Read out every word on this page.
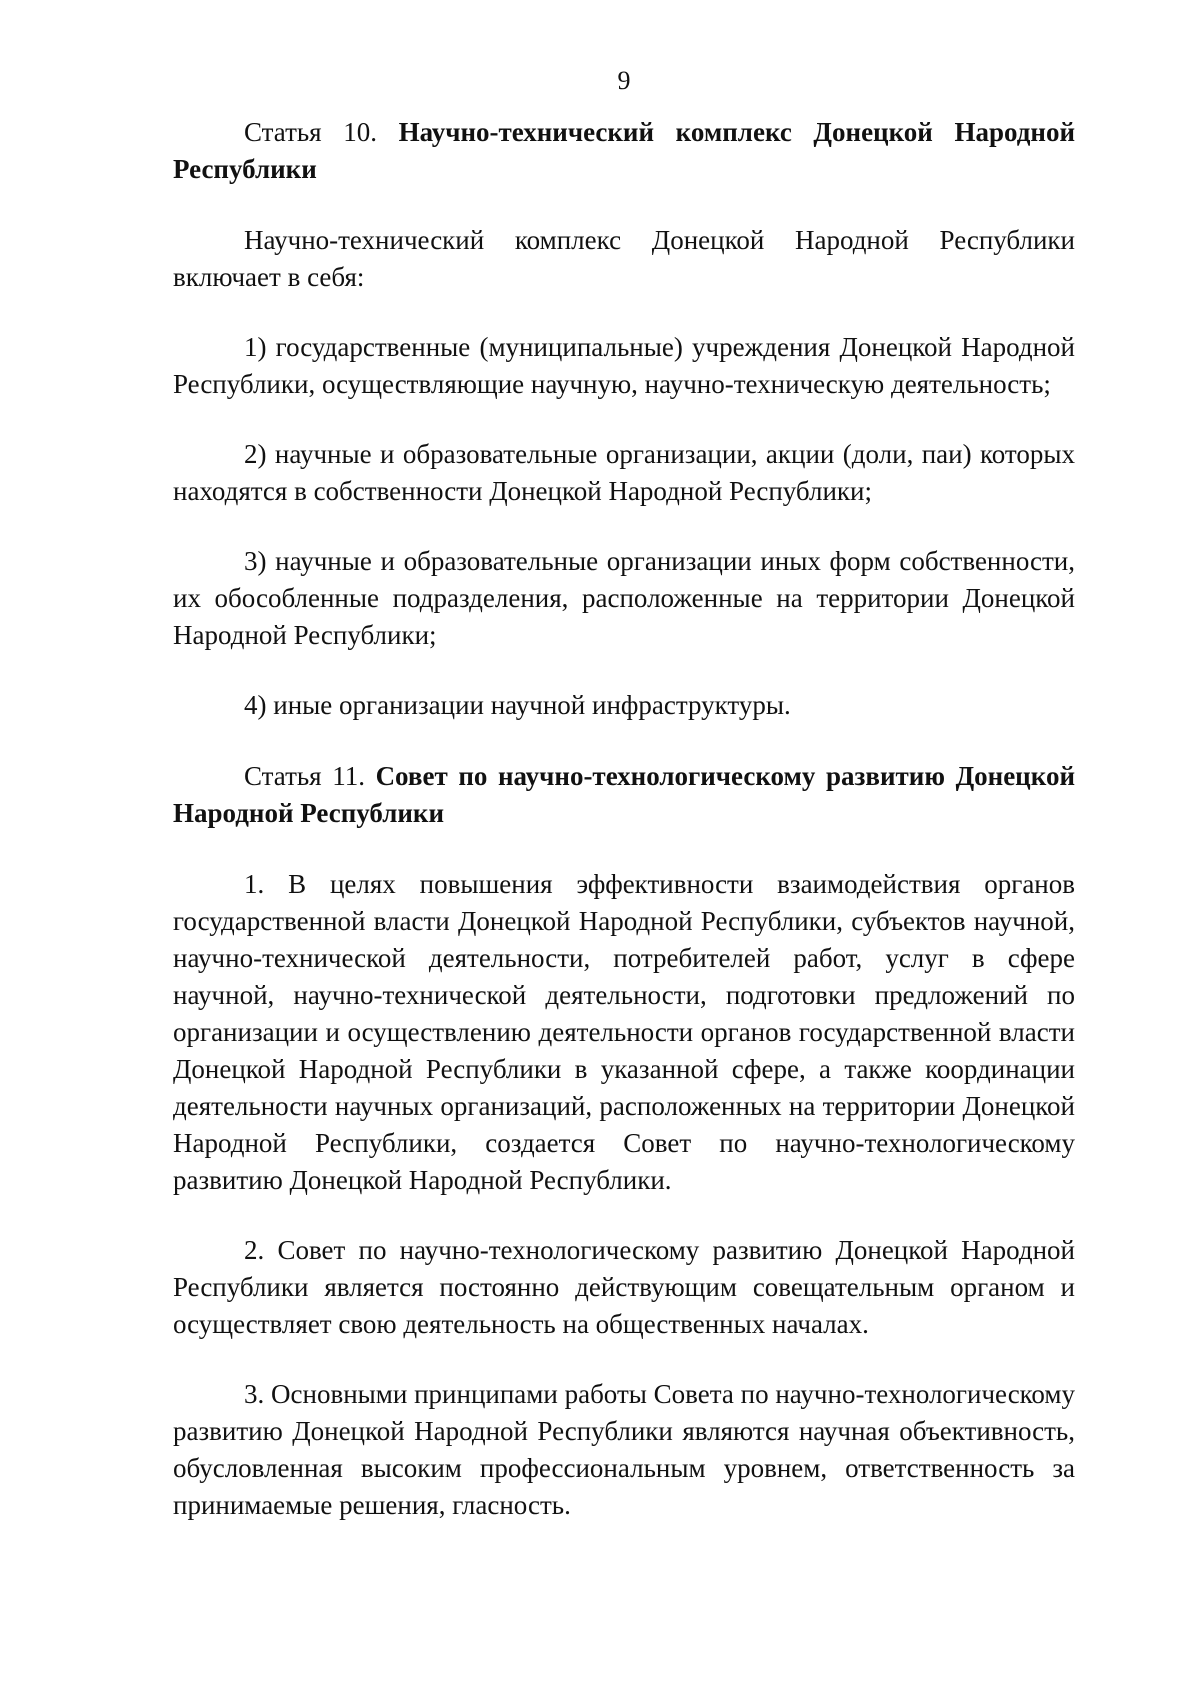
9

Статья 10. Научно-технический комплекс Донецкой Народной Республики

Научно-технический комплекс Донецкой Народной Республики включает в себя:

1) государственные (муниципальные) учреждения Донецкой Народной Республики, осуществляющие научную, научно-техническую деятельность;

2) научные и образовательные организации, акции (доли, паи) которых находятся в собственности Донецкой Народной Республики;

3) научные и образовательные организации иных форм собственности, их обособленные подразделения, расположенные на территории Донецкой Народной Республики;

4) иные организации научной инфраструктуры.

Статья 11. Совет по научно-технологическому развитию Донецкой Народной Республики

1. В целях повышения эффективности взаимодействия органов государственной власти Донецкой Народной Республики, субъектов научной, научно-технической деятельности, потребителей работ, услуг в сфере научной, научно-технической деятельности, подготовки предложений по организации и осуществлению деятельности органов государственной власти Донецкой Народной Республики в указанной сфере, а также координации деятельности научных организаций, расположенных на территории Донецкой Народной Республики, создается Совет по научно-технологическому развитию Донецкой Народной Республики.

2. Совет по научно-технологическому развитию Донецкой Народной Республики является постоянно действующим совещательным органом и осуществляет свою деятельность на общественных началах.

3. Основными принципами работы Совета по научно-технологическому развитию Донецкой Народной Республики являются научная объективность, обусловленная высоким профессиональным уровнем, ответственность за принимаемые решения, гласность.
